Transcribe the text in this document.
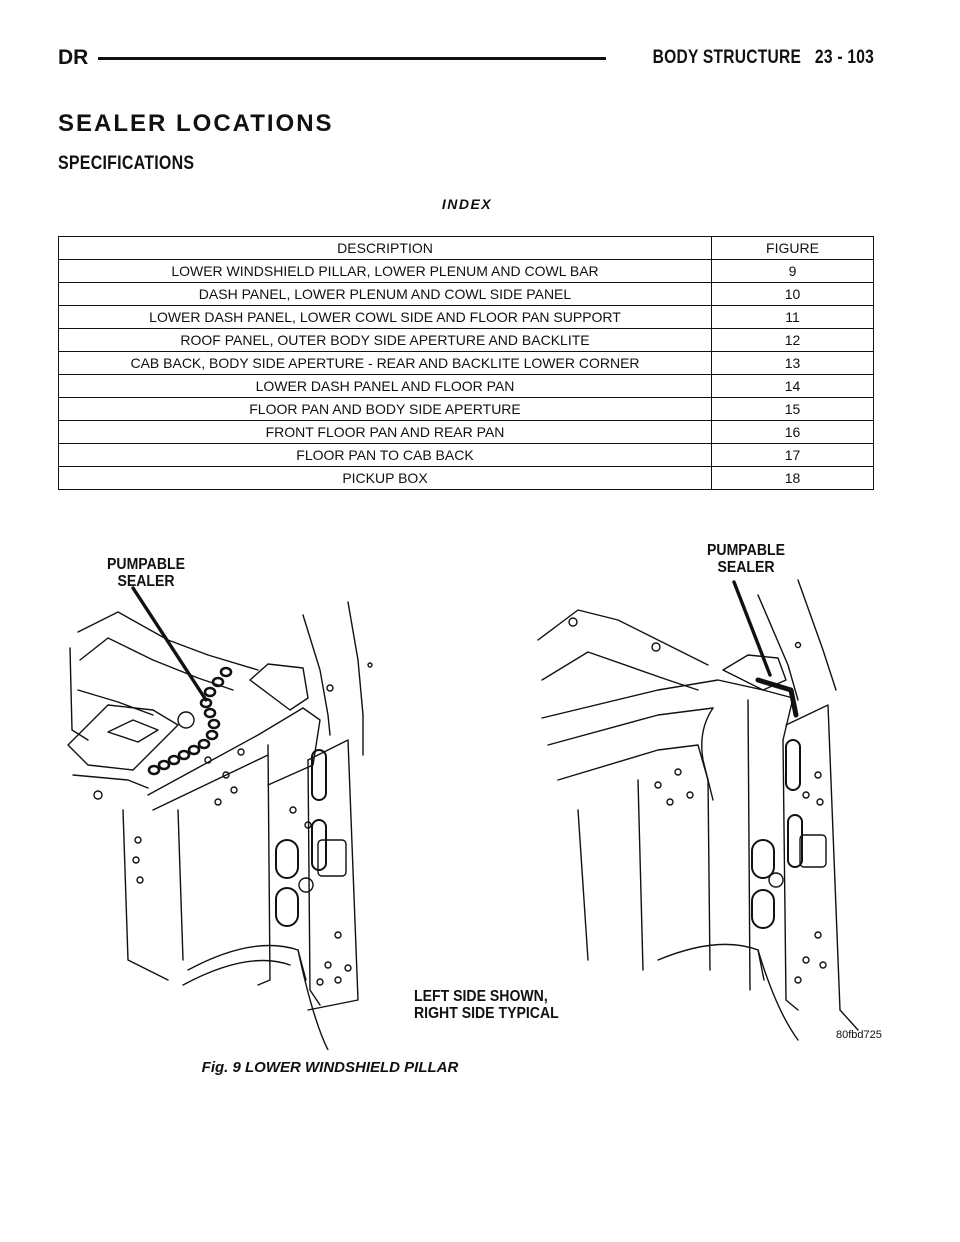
DR	BODY STRUCTURE 23 - 103
SEALER LOCATIONS
SPECIFICATIONS
INDEX
DESCRIPTION	FIGURE
LOWER WINDSHIELD PILLAR, LOWER PLENUM AND COWL BAR	9
DASH PANEL, LOWER PLENUM AND COWL SIDE PANEL	10
LOWER DASH PANEL, LOWER COWL SIDE AND FLOOR PAN SUPPORT	11
ROOF PANEL, OUTER BODY SIDE APERTURE AND BACKLITE	12
CAB BACK, BODY SIDE APERTURE - REAR AND BACKLITE LOWER CORNER	13
LOWER DASH PANEL AND FLOOR PAN	14
FLOOR PAN AND BODY SIDE APERTURE	15
FRONT FLOOR PAN AND REAR PAN	16
FLOOR PAN TO CAB BACK	17
PICKUP BOX	18
PUMPABLE
SEALER
PUMPABLE
SEALER
LEFT SIDE SHOWN,
RIGHT SIDE TYPICAL
80fbd725
Fig. 9 LOWER WINDSHIELD PILLAR
